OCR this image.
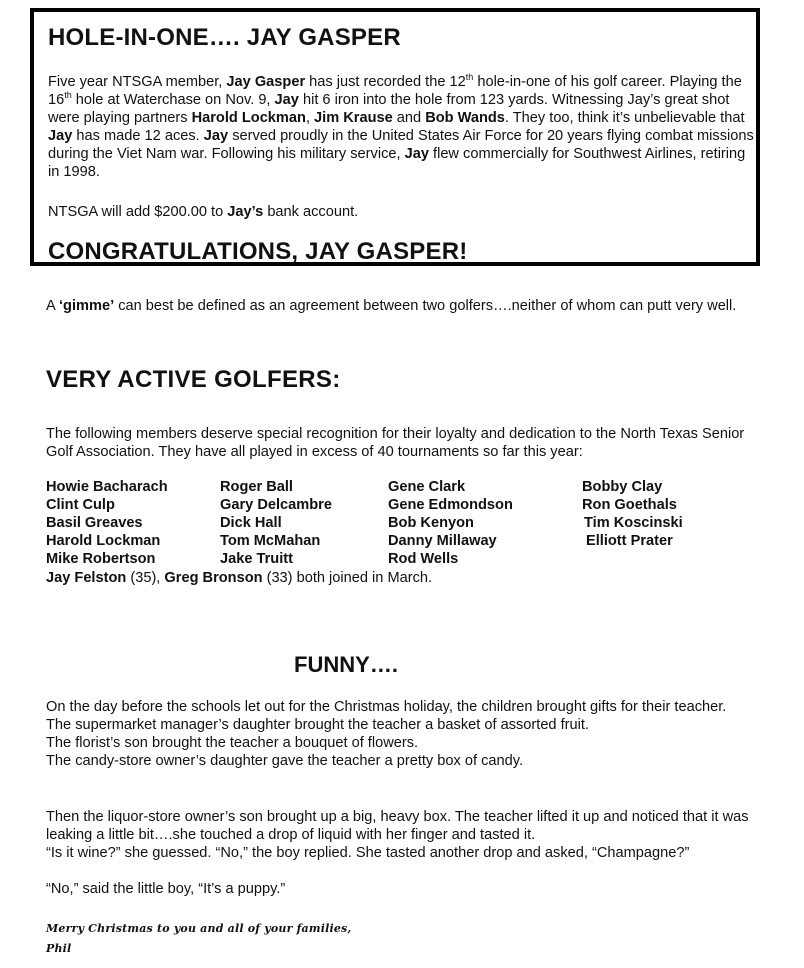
HOLE-IN-ONE…. JAY GASPER

Five year NTSGA member, Jay Gasper has just recorded the 12th hole-in-one of his golf career. Playing the 16th hole at Waterchase on Nov. 9, Jay hit 6 iron into the hole from 123 yards. Witnessing Jay’s great shot were playing partners Harold Lockman, Jim Krause and Bob Wands. They too, think it’s unbelievable that Jay has made 12 aces. Jay served proudly in the United States Air Force for 20 years flying combat missions during the Viet Nam war. Following his military service, Jay flew commercially for Southwest Airlines, retiring in 1998.

NTSGA will add $200.00 to Jay’s bank account.

CONGRATULATIONS, JAY GASPER!

A ‘gimme’ can best be defined as an agreement between two golfers….neither of whom can putt very well.

VERY ACTIVE GOLFERS:

The following members deserve special recognition for their loyalty and dedication to the North Texas Senior Golf Association. They have all played in excess of 40 tournaments so far this year:

Howie Bacharach	Roger Ball	Gene Clark	Bobby Clay
Clint Culp	Gary Delcambre	Gene Edmondson	Ron Goethals
Basil Greaves	Dick Hall	Bob Kenyon	Tim Koscinski
Harold Lockman	Tom McMahan	Danny Millaway	Elliott Prater
Mike Robertson	Jake Truitt	Rod Wells

Jay Felston (35), Greg Bronson (33) both joined in March.

FUNNY….
On the day before the schools let out for the Christmas holiday, the children brought gifts for their teacher.
The supermarket manager’s daughter brought the teacher a basket of assorted fruit.
The florist’s son brought the teacher a bouquet of flowers.
The candy-store owner’s daughter gave the teacher a pretty box of candy.
Then the liquor-store owner’s son brought up a big, heavy box. The teacher lifted it up and noticed that it was leaking a little bit….she touched a drop of liquid with her finger and tasted it.
“Is it wine?” she guessed. “No,” the boy replied. She tasted another drop and asked, “Champagne?”

“No,” said the little boy, “It’s a puppy.”

Merry Christmas to you and all of your families,
Phil
